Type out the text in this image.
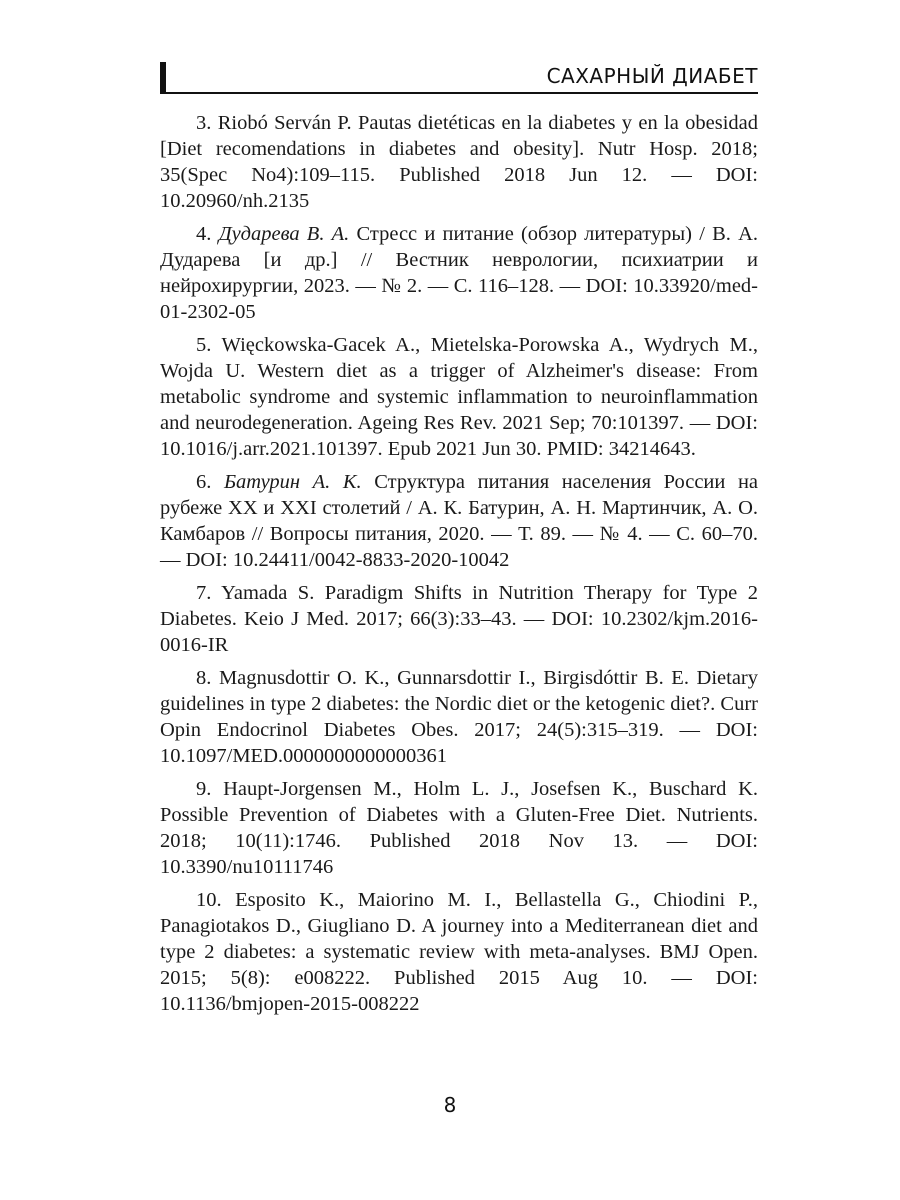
САХАРНЫЙ ДИАБЕТ

3. Riobó Serván P. Pautas dietéticas en la diabetes y en la obesidad [Diet recomendations in diabetes and obesity]. Nutr Hosp. 2018; 35(Spec No4):109–115. Published 2018 Jun 12. — DOI: 10.20960/nh.2135

4. Дударева В. А. Стресс и питание (обзор литературы) / В. А. Дударева [и др.] // Вестник неврологии, психиатрии и нейрохирургии, 2023. — № 2. — С. 116–128. — DOI: 10.33920/med-01-2302-05

5. Więckowska-Gacek A., Mietelska-Porowska A., Wydrych M., Wojda U. Western diet as a trigger of Alzheimer's disease: From metabolic syndrome and systemic inflammation to neuroinflammation and neurodegeneration. Ageing Res Rev. 2021 Sep; 70:101397. — DOI: 10.1016/j.arr.2021.101397. Epub 2021 Jun 30. PMID: 34214643.

6. Батурин А. К. Структура питания населения России на рубеже XX и XXI столетий / А. К. Батурин, А. Н. Мартинчик, А. О. Камбаров // Вопросы питания, 2020. — Т. 89. — № 4. — С. 60–70. — DOI: 10.24411/0042-8833-2020-10042

7. Yamada S. Paradigm Shifts in Nutrition Therapy for Type 2 Diabetes. Keio J Med. 2017; 66(3):33–43. — DOI: 10.2302/kjm.2016-0016-IR

8. Magnusdottir O. K., Gunnarsdottir I., Birgisdóttir B. E. Dietary guidelines in type 2 diabetes: the Nordic diet or the ketogenic diet?. Curr Opin Endocrinol Diabetes Obes. 2017; 24(5):315–319. — DOI: 10.1097/MED.0000000000000361

9. Haupt-Jorgensen M., Holm L. J., Josefsen K., Buschard K. Possible Prevention of Diabetes with a Gluten-Free Diet. Nutrients. 2018; 10(11):1746. Published 2018 Nov 13. — DOI: 10.3390/nu10111746

10. Esposito K., Maiorino M. I., Bellastella G., Chiodini P., Panagiotakos D., Giugliano D. A journey into a Mediterranean diet and type 2 diabetes: a systematic review with meta-analyses. BMJ Open. 2015; 5(8): e008222. Published 2015 Aug 10. — DOI: 10.1136/bmjopen-2015-008222

8
